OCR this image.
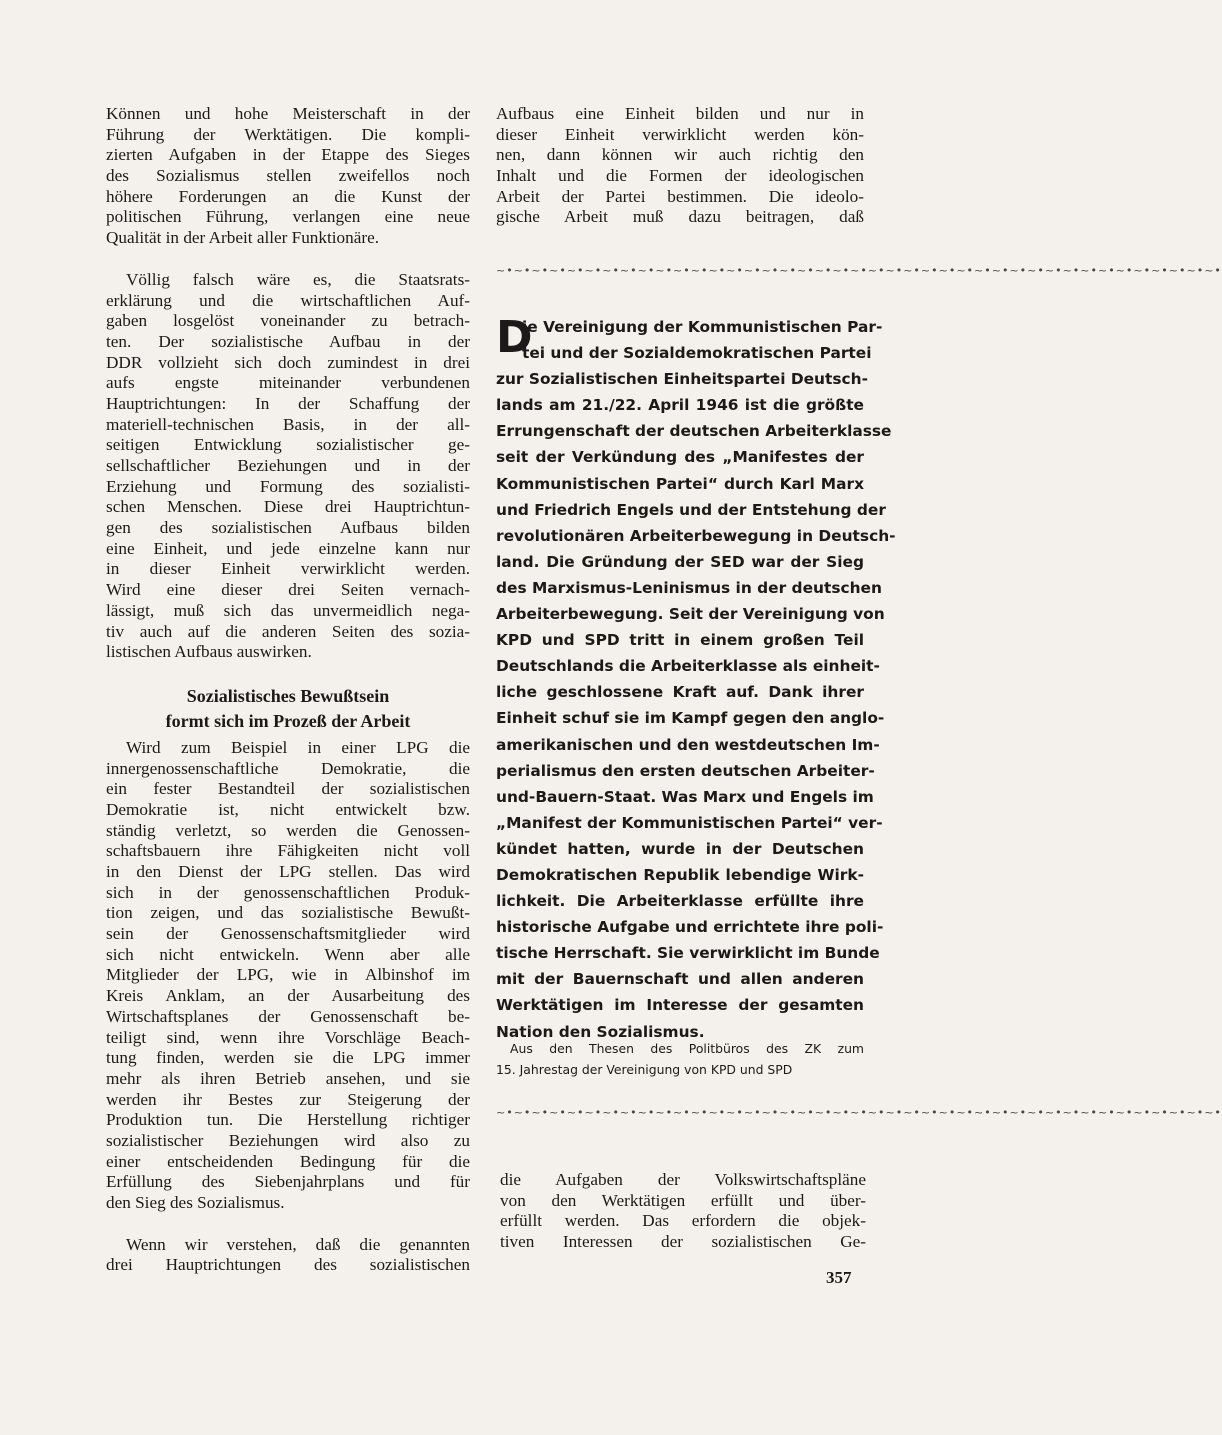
Können und hohe Meisterschaft in der
Führung der Werktätigen. Die kompli-
zierten Aufgaben in der Etappe des Sieges
des Sozialismus stellen zweifellos noch
höhere Forderungen an die Kunst der
politischen Führung, verlangen eine neue
Qualität in der Arbeit aller Funktionäre.
Völlig falsch wäre es, die Staatsrats-
erklärung und die wirtschaftlichen Auf-
gaben losgelöst voneinander zu betrach-
ten. Der sozialistische Aufbau in der
DDR vollzieht sich doch zumindest in drei
aufs engste miteinander verbundenen
Hauptrichtungen: In der Schaffung der
materiell-technischen Basis, in der all-
seitigen Entwicklung sozialistischer ge-
sellschaftlicher Beziehungen und in der
Erziehung und Formung des sozialisti-
schen Menschen. Diese drei Hauptrichtun-
gen des sozialistischen Aufbaus bilden
eine Einheit, und jede einzelne kann nur
in dieser Einheit verwirklicht werden.
Wird eine dieser drei Seiten vernach-
lässigt, muß sich das unvermeidlich nega-
tiv auch auf die anderen Seiten des sozia-
listischen Aufbaus auswirken.
Sozialistisches Bewußtsein
formt sich im Prozeß der Arbeit
Wird zum Beispiel in einer LPG die
innergenossenschaftliche Demokratie, die
ein fester Bestandteil der sozialistischen
Demokratie ist, nicht entwickelt bzw.
ständig verletzt, so werden die Genossen-
schaftsbauern ihre Fähigkeiten nicht voll
in den Dienst der LPG stellen. Das wird
sich in der genossenschaftlichen Produk-
tion zeigen, und das sozialistische Bewußt-
sein der Genossenschaftsmitglieder wird
sich nicht entwickeln. Wenn aber alle
Mitglieder der LPG, wie in Albinshof im
Kreis Anklam, an der Ausarbeitung des
Wirtschaftsplanes der Genossenschaft be-
teiligt sind, wenn ihre Vorschläge Beach-
tung finden, werden sie die LPG immer
mehr als ihren Betrieb ansehen, und sie
werden ihr Bestes zur Steigerung der
Produktion tun. Die Herstellung richtiger
sozialistischer Beziehungen wird also zu
einer entscheidenden Bedingung für die
Erfüllung des Siebenjahrplans und für
den Sieg des Sozialismus.
Wenn wir verstehen, daß die genannten
drei Hauptrichtungen des sozialistischen
Aufbaus eine Einheit bilden und nur in
dieser Einheit verwirklicht werden kön-
nen, dann können wir auch richtig den
Inhalt und die Formen der ideologischen
Arbeit der Partei bestimmen. Die ideolo-
gische Arbeit muß dazu beitragen, daß
~•~•~•~•~•~•~•~•~•~•~•~•~•~•~•~•~•~•~•~•~•~•~•~•~•~•~•~•~•~•~•~•~•~•~•~•~•~•~•~•~•
D
ie Vereinigung der Kommunistischen Par-
tei und der Sozialdemokratischen Partei
zur Sozialistischen Einheitspartei Deutsch-
lands am 21./22. April 1946 ist die größte
Errungenschaft der deutschen Arbeiterklasse
seit der Verkündung des „Manifestes der
Kommunistischen Partei“ durch Karl Marx
und Friedrich Engels und der Entstehung der
revolutionären Arbeiterbewegung in Deutsch-
land. Die Gründung der SED war der Sieg
des Marxismus-Leninismus in der deutschen
Arbeiterbewegung. Seit der Vereinigung von
KPD und SPD tritt in einem großen Teil
Deutschlands die Arbeiterklasse als einheit-
liche geschlossene Kraft auf. Dank ihrer
Einheit schuf sie im Kampf gegen den anglo-
amerikanischen und den westdeutschen Im-
perialismus den ersten deutschen Arbeiter-
und-Bauern-Staat. Was Marx und Engels im
„Manifest der Kommunistischen Partei“ ver-
kündet hatten, wurde in der Deutschen
Demokratischen Republik lebendige Wirk-
lichkeit. Die Arbeiterklasse erfüllte ihre
historische Aufgabe und errichtete ihre poli-
tische Herrschaft. Sie verwirklicht im Bunde
mit der Bauernschaft und allen anderen
Werktätigen im Interesse der gesamten
Nation den Sozialismus.
Aus den Thesen des Politbüros des ZK zum
15. Jahrestag der Vereinigung von KPD und SPD
~•~•~•~•~•~•~•~•~•~•~•~•~•~•~•~•~•~•~•~•~•~•~•~•~•~•~•~•~•~•~•~•~•~•~•~•~•~•~•~•~•
die Aufgaben der Volkswirtschaftspläne
von den Werktätigen erfüllt und über-
erfüllt werden. Das erfordern die objek-
tiven Interessen der sozialistischen Ge-
357
